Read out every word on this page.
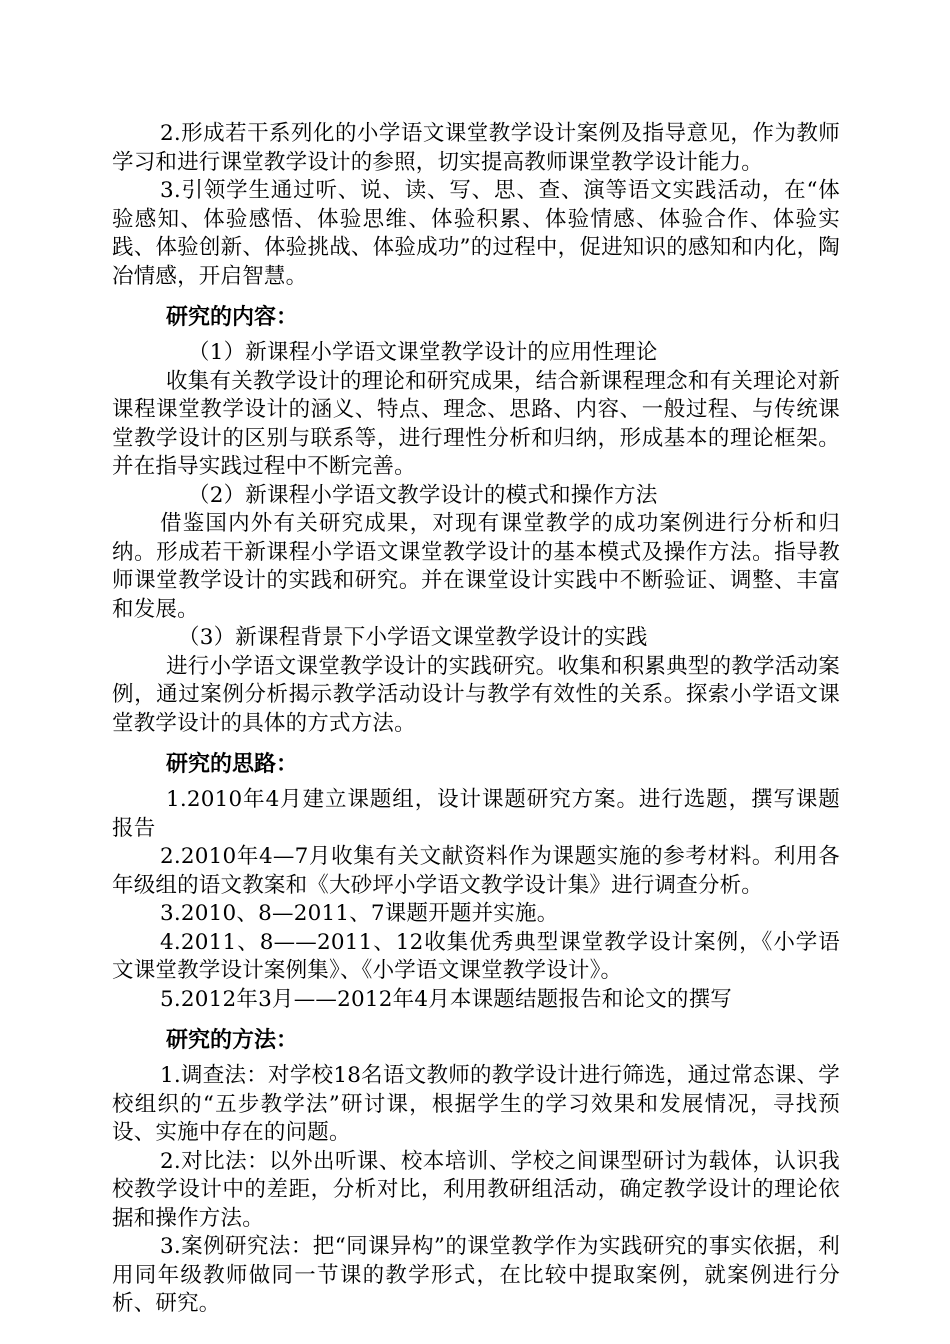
2.形成若干系列化的小学语文课堂教学设计案例及指导意见，作为教师学习和进行课堂教学设计的参照，切实提高教师课堂教学设计能力。

3.引领学生通过听、说、读、写、思、查、演等语文实践活动，在“体验感知、体验感悟、体验思维、体验积累、体验情感、体验合作、体验实践、体验创新、体验挑战、体验成功”的过程中，促进知识的感知和内化，陶冶情感，开启智慧。

研究的内容：

（1）新课程小学语文课堂教学设计的应用性理论

收集有关教学设计的理论和研究成果，结合新课程理念和有关理论对新课程课堂教学设计的涵义、特点、理念、思路、内容、一般过程、与传统课堂教学设计的区别与联系等，进行理性分析和归纳，形成基本的理论框架。并在指导实践过程中不断完善。

（2）新课程小学语文教学设计的模式和操作方法

借鉴国内外有关研究成果，对现有课堂教学的成功案例进行分析和归纳。形成若干新课程小学语文课堂教学设计的基本模式及操作方法。指导教师课堂教学设计的实践和研究。并在课堂设计实践中不断验证、调整、丰富和发展。

（3）新课程背景下小学语文课堂教学设计的实践

进行小学语文课堂教学设计的实践研究。收集和积累典型的教学活动案例，通过案例分析揭示教学活动设计与教学有效性的关系。探索小学语文课堂教学设计的具体的方式方法。

研究的思路：

1.2010年4月建立课题组，设计课题研究方案。进行选题，撰写课题报告

2.2010年4—7月收集有关文献资料作为课题实施的参考材料。利用各年级组的语文教案和《大砂坪小学语文教学设计集》进行调查分析。

3.2010、8—2011、7课题开题并实施。

4.2011、8——2011、12收集优秀典型课堂教学设计案例，《小学语文课堂教学设计案例集》、《小学语文课堂教学设计》。

5.2012年3月——2012年4月本课题结题报告和论文的撰写

研究的方法：

1.调查法：对学校18名语文教师的教学设计进行筛选，通过常态课、学校组织的“五步教学法”研讨课，根据学生的学习效果和发展情况，寻找预设、实施中存在的问题。

2.对比法：以外出听课、校本培训、学校之间课型研讨为载体，认识我校教学设计中的差距，分析对比，利用教研组活动，确定教学设计的理论依据和操作方法。

3.案例研究法：把“同课异构”的课堂教学作为实践研究的事实依据，利用同年级教师做同一节课的教学形式，在比较中提取案例，就案例进行分析、研究。
